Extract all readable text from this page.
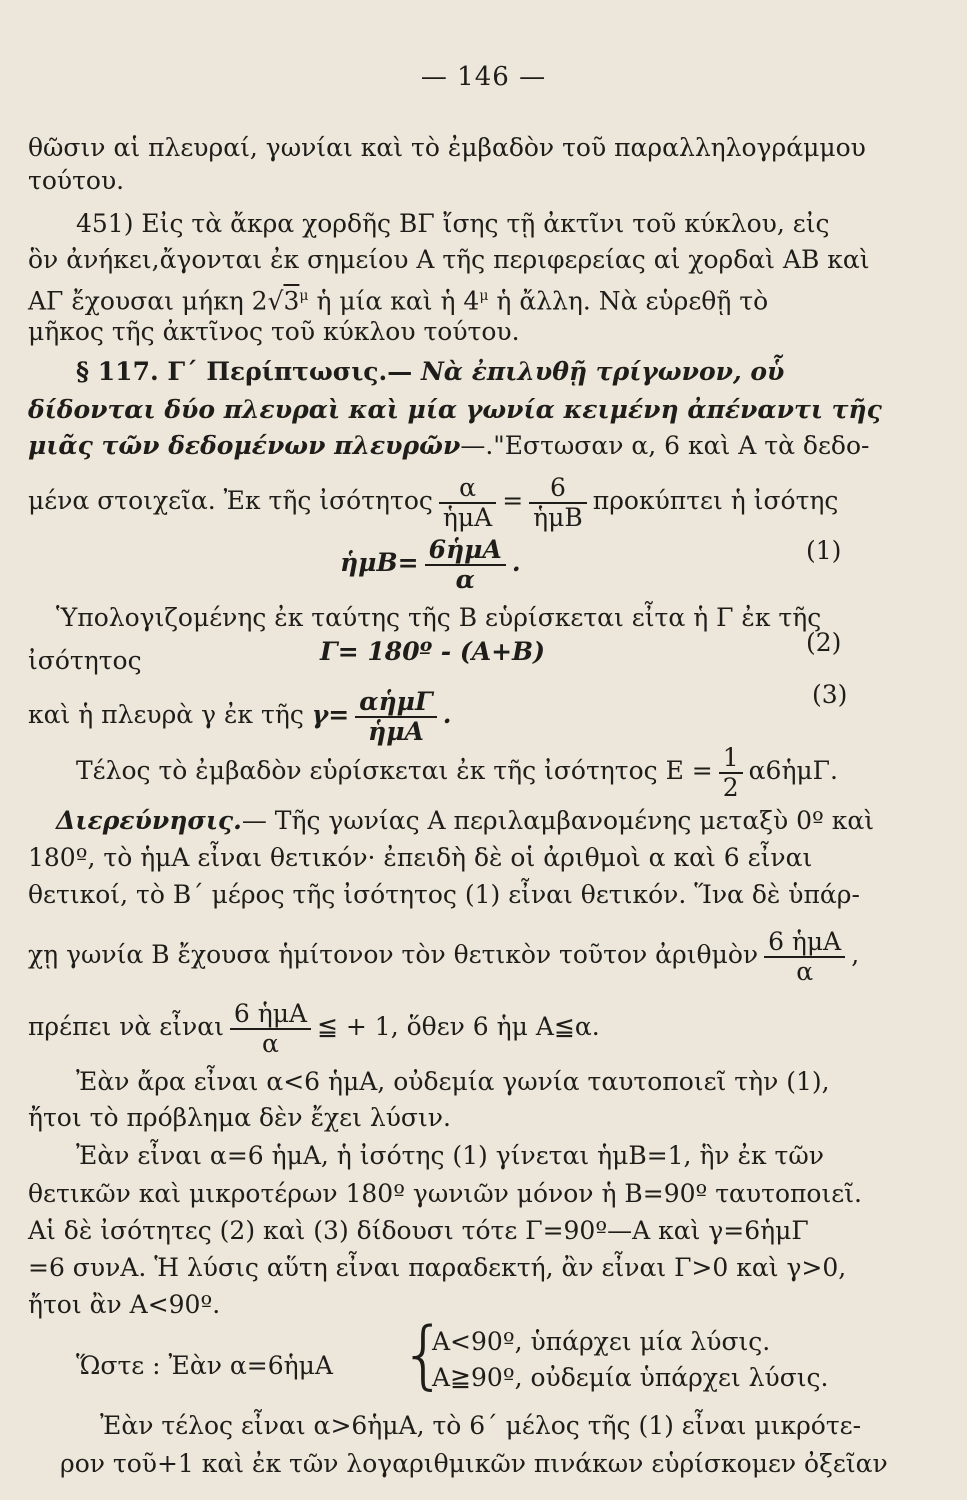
— 146 —
θῶσιν αἱ πλευραί, γωνίαι καὶ τὸ ἐμβαδὸν τοῦ παραλληλογράμμου
τούτου.
451) Εἰς τὰ ἄκρα χορδῆς ΒΓ ἴσης τῇ ἀκτῖνι τοῦ κύκλου, εἰς
ὃν ἀνήκει,ἄγονται ἐκ σημείου Α τῆς περιφερείας αἱ χορδαὶ ΑΒ καὶ
ΑΓ ἔχουσαι μήκη $2√3^\mu$ ἡ μία καὶ ἡ $4^\mu$ ἡ ἄλλη. Νὰ εὑρεθῇ τὸ
μῆκος τῆς ἀκτῖνος τοῦ κύκλου τούτου.
§ 117. Γ΄ Περίπτωσις.— Νὰ ἐπιλυθῇ τρίγωνον, οὗ
δίδονται δύο πλευραὶ καὶ μία γωνία κειμένη ἀπέναντι τῆς
μιᾶς τῶν δεδομένων πλευρῶν—."Εστωσαν α, 6 καὶ Α τὰ δεδο-
μένα στοιχεῖα. Ἐκ τῆς ἰσότητος $\frac{\alpha}{\text{ἡμΑ}} = \frac{6}{\text{ἡμΒ}}$ προκύπτει ἡ ἰσότης
ἡμΒ= $\frac{\text{6ἡμΑ}}{\alpha}$ .	(1)
Ὑπολογιζομένης ἐκ ταύτης τῆς Β εὑρίσκεται εἶτα ἡ Γ ἐκ τῆς
ἰσότητος	Γ= 180º - (Α+Β)	(2)
καὶ ἡ πλευρὰ γ ἐκ τῆς $\gamma= \frac{\text{αἡμΓ}}{\text{ἡμΑ}}$ .
(3)
Τέλος τὸ ἐμβαδὸν εὑρίσκεται ἐκ τῆς ἰσότητος $E = \frac{1}{2}$ α6ἡμΓ.
Διερεύνησις.— Τῆς γωνίας Α περιλαμβανομένης μεταξὺ 0º καὶ
180º, τὸ ἡμΑ εἶναι θετικόν· ἐπειδὴ δὲ οἱ ἀριθμοὶ α καὶ 6 εἶναι
θετικοί, τὸ Β΄ μέρος τῆς ἰσότητος (1) εἶναι θετικόν. Ἵνα δὲ ὑπάρ-
χῃ γωνία Β ἔχουσα ἡμίτονον τὸν θετικὸν τοῦτον ἀριθμὸν $\frac{\text{6 ἡμΑ}}{\alpha}$ ,
πρέπει νὰ εἶναι $\frac{\text{6 ἡμΑ}}{\alpha}$ ≦ + 1, ὅθεν 6 ἡμ Α≦α.
Ἐὰν ἄρα εἶναι α<6 ἡμΑ, οὐδεμία γωνία ταυτοποιεῖ τὴν (1),
ἤτοι τὸ πρόβλημα δὲν ἔχει λύσιν.
Ἐὰν εἶναι α=6 ἡμΑ, ἡ ἰσότης (1) γίνεται ἡμΒ=1, ἣν ἐκ τῶν
θετικῶν καὶ μικροτέρων 180º γωνιῶν μόνον ἡ Β=90º ταυτοποιεῖ.
Αἱ δὲ ἰσότητες (2) καὶ (3) δίδουσι τότε Γ=90º—Α καὶ γ=6ἡμΓ
=6 συνΑ. Ἡ λύσις αὕτη εἶναι παραδεκτή, ἂν εἶναι Γ>0 καὶ γ>0,
ἤτοι ἂν Α<90º.
Ὥστε : Ἐὰν α=6ἡμΑ {
Α<90º, ὑπάρχει μία λύσις.
Α≧90º, οὐδεμία ὑπάρχει λύσις.
Ἐὰν τέλος εἶναι α>6ἡμΑ, τὸ 6΄ μέλος τῆς (1) εἶναι μικρότε-
ρον τοῦ+1 καὶ ἐκ τῶν λογαριθμικῶν πινάκων εὑρίσκομεν ὀξεῖαν
